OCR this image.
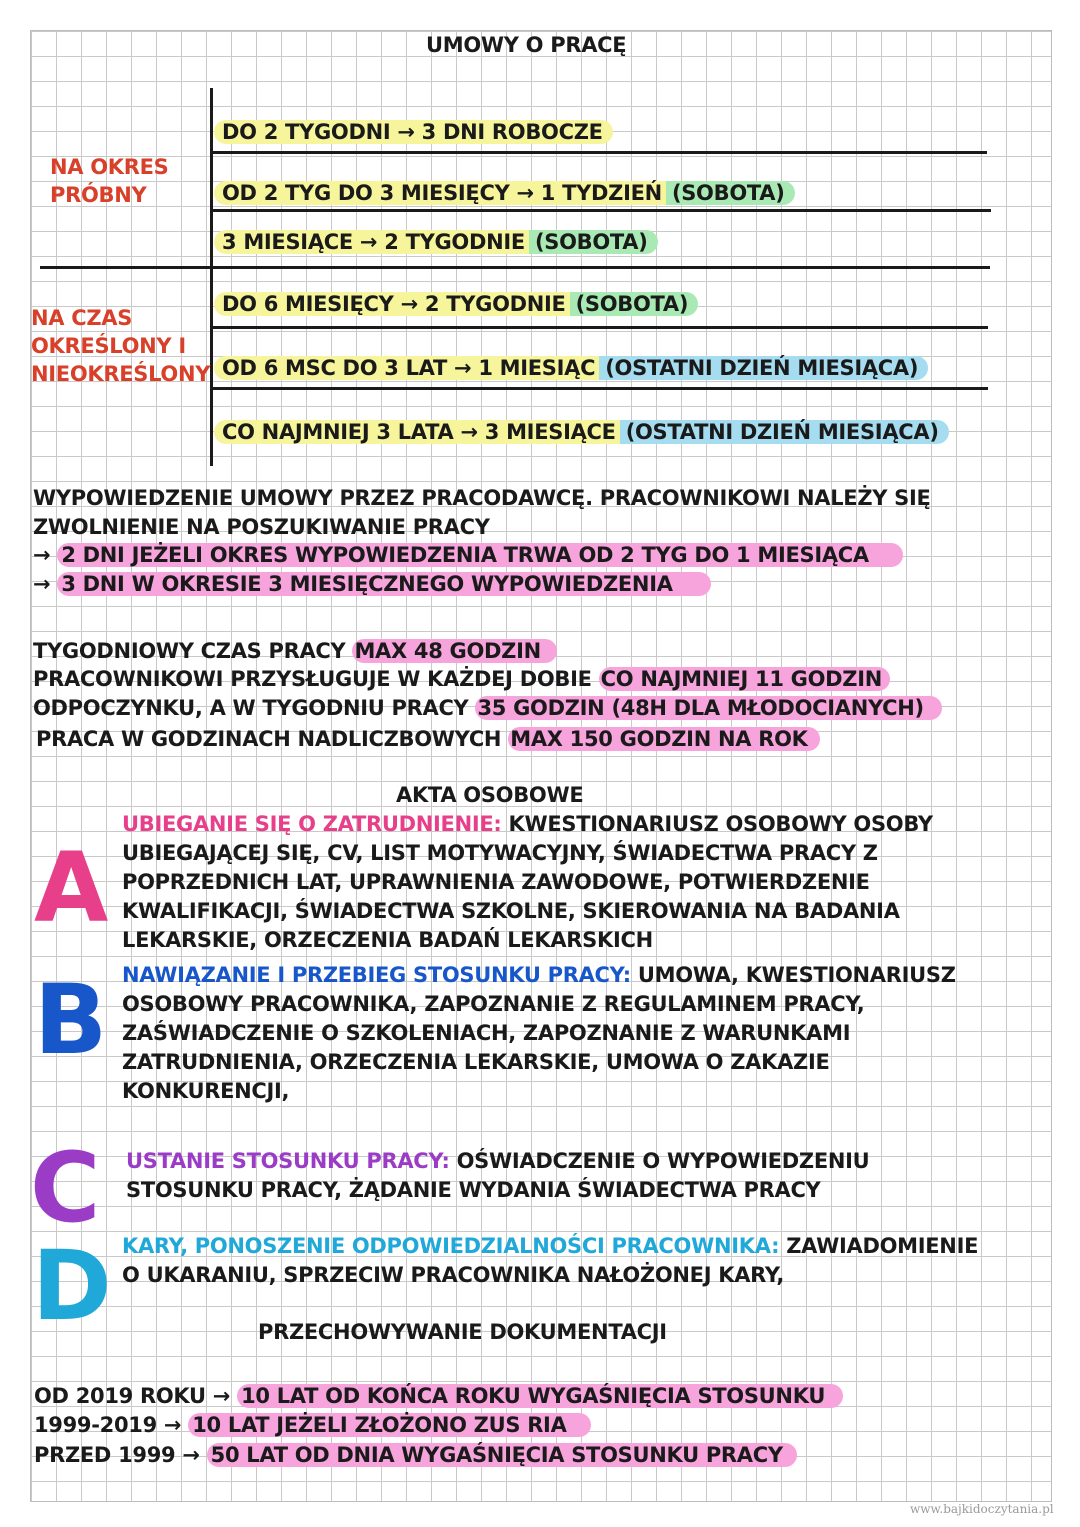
UMOWY O PRACĘ
NA OKRES
PRÓBNY
DO 2 TYGODNI → 3 DNI ROBOCZE
OD 2 TYG DO 3 MIESIĘCY → 1 TYDZIEŃ (SOBOTA)
3 MIESIĄCE → 2 TYGODNIE (SOBOTA)
NA CZAS
OKREŚLONY I
NIEOKREŚLONY
DO 6 MIESIĘCY → 2 TYGODNIE (SOBOTA)
OD 6 MSC DO 3 LAT → 1 MIESIĄC (OSTATNI DZIEŃ MIESIĄCA)
CO NAJMNIEJ 3 LATA → 3 MIESIĄCE (OSTATNI DZIEŃ MIESIĄCA)
WYPOWIEDZENIE UMOWY PRZEZ PRACODAWCĘ. PRACOWNIKOWI NALEŻY SIĘ
ZWOLNIENIE NA POSZUKIWANIE PRACY
→ 2 DNI JEŻELI OKRES WYPOWIEDZENIA TRWA OD 2 TYG DO 1 MIESIĄCA
→ 3 DNI W OKRESIE 3 MIESIĘCZNEGO WYPOWIEDZENIA
TYGODNIOWY CZAS PRACY MAX 48 GODZIN
PRACOWNIKOWI PRZYSŁUGUJE W KAŻDEJ DOBIE CO NAJMNIEJ 11 GODZIN
ODPOCZYNKU, A W TYGODNIU PRACY 35 GODZIN (48H DLA MŁODOCIANYCH)
PRACA W GODZINACH NADLICZBOWYCH MAX 150 GODZIN NA ROK
AKTA OSOBOWE
A
UBIEGANIE SIĘ O ZATRUDNIENIE: KWESTIONARIUSZ OSOBOWY OSOBY
UBIEGAJĄCEJ SIĘ, CV, LIST MOTYWACYJNY, ŚWIADECTWA PRACY Z
POPRZEDNICH LAT, UPRAWNIENIA ZAWODOWE, POTWIERDZENIE
KWALIFIKACJI, ŚWIADECTWA SZKOLNE, SKIEROWANIA NA BADANIA
LEKARSKIE, ORZECZENIA BADAŃ LEKARSKICH
B NAWIĄZANIE I PRZEBIEG STOSUNKU PRACY: UMOWA, KWESTIONARIUSZ
OSOBOWY PRACOWNIKA, ZAPOZNANIE Z REGULAMINEM PRACY,
ZAŚWIADCZENIE O SZKOLENIACH, ZAPOZNANIE Z WARUNKAMI
ZATRUDNIENIA, ORZECZENIA LEKARSKIE, UMOWA O ZAKAZIE
KONKURENCJI,
C USTANIE STOSUNKU PRACY: OŚWIADCZENIE O WYPOWIEDZENIU
STOSUNKU PRACY, ŻĄDANIE WYDANIA ŚWIADECTWA PRACY
D KARY, PONOSZENIE ODPOWIEDZIALNOŚCI PRACOWNIKA: ZAWIADOMIENIE
O UKARANIU, SPRZECIW PRACOWNIKA NAŁOŻONEJ KARY,
PRZECHOWYWANIE DOKUMENTACJI
OD 2019 ROKU → 10 LAT OD KOŃCA ROKU WYGAŚNIĘCIA STOSUNKU
1999-2019 → 10 LAT JEŻELI ZŁOŻONO ZUS RIA
PRZED 1999 → 50 LAT OD DNIA WYGAŚNIĘCIA STOSUNKU PRACY
www.bajkidoczytania.pl
